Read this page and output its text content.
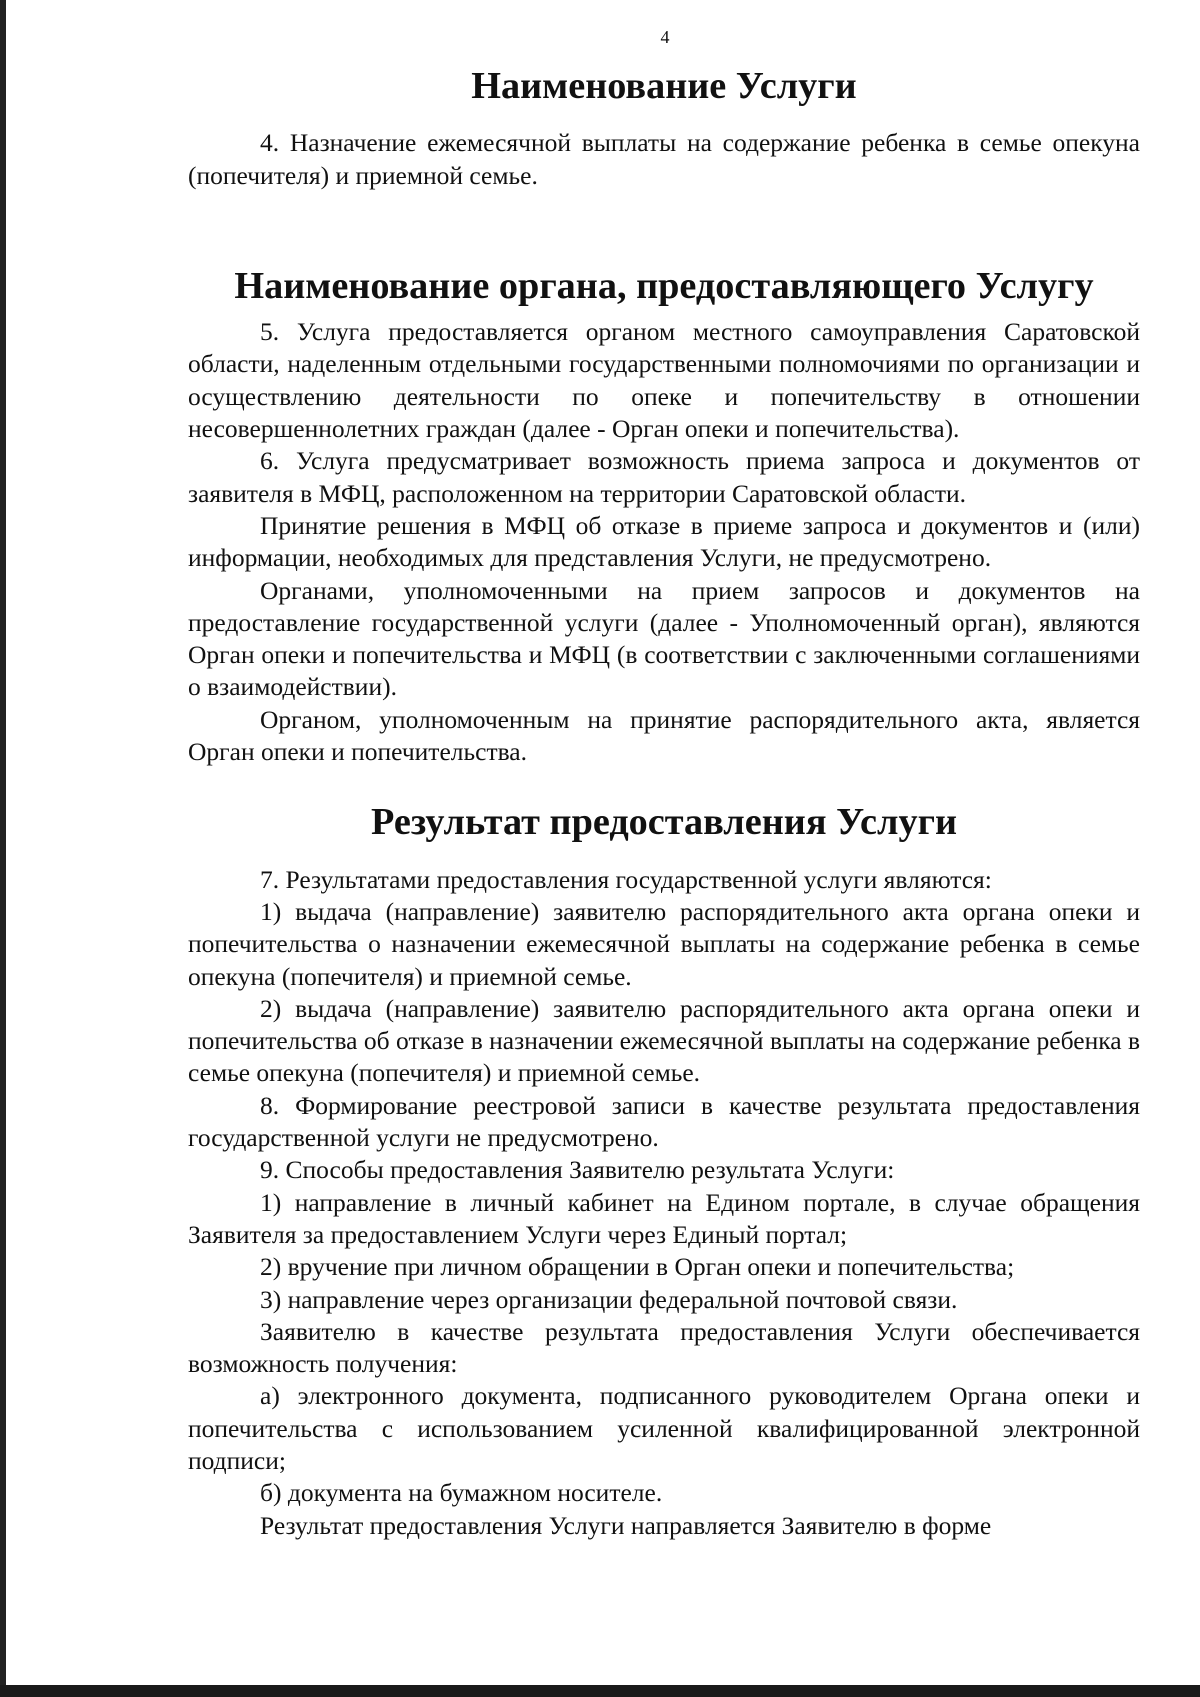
4
Наименование Услуги

4. Назначение ежемесячной выплаты на содержание ребенка в семье опекуна (попечителя) и приемной семье.

Наименование органа, предоставляющего Услугу

5. Услуга предоставляется органом местного самоуправления Саратовской области, наделенным отдельными государственными полномочиями по организации и осуществлению деятельности по опеке и попечительству в отношении несовершеннолетних граждан (далее - Орган опеки и попечительства).

6. Услуга предусматривает возможность приема запроса и документов от заявителя в МФЦ, расположенном на территории Саратовской области.

Принятие решения в МФЦ об отказе в приеме запроса и документов и (или) информации, необходимых для представления Услуги, не предусмотрено.

Органами, уполномоченными на прием запросов и документов на предоставление государственной услуги (далее - Уполномоченный орган), являются Орган опеки и попечительства и МФЦ (в соответствии с заключенными соглашениями о взаимодействии).

Органом, уполномоченным на принятие распорядительного акта, является Орган опеки и попечительства.

Результат предоставления Услуги

7. Результатами предоставления государственной услуги являются:

1) выдача (направление) заявителю распорядительного акта органа опеки и попечительства о назначении ежемесячной выплаты на содержание ребенка в семье опекуна (попечителя) и приемной семье.

2) выдача (направление) заявителю распорядительного акта органа опеки и попечительства об отказе в назначении ежемесячной выплаты на содержание ребенка в семье опекуна (попечителя) и приемной семье.

8. Формирование реестровой записи в качестве результата предоставления государственной услуги не предусмотрено.

9. Способы предоставления Заявителю результата Услуги:

1) направление в личный кабинет на Едином портале, в случае обращения Заявителя за предоставлением Услуги через Единый портал;

2) вручение при личном обращении в Орган опеки и попечительства;

3) направление через организации федеральной почтовой связи.

Заявителю в качестве результата предоставления Услуги обеспечивается возможность получения:

а) электронного документа, подписанного руководителем Органа опеки и попечительства с использованием усиленной квалифицированной электронной подписи;

б) документа на бумажном носителе.

Результат предоставления Услуги направляется Заявителю в форме
